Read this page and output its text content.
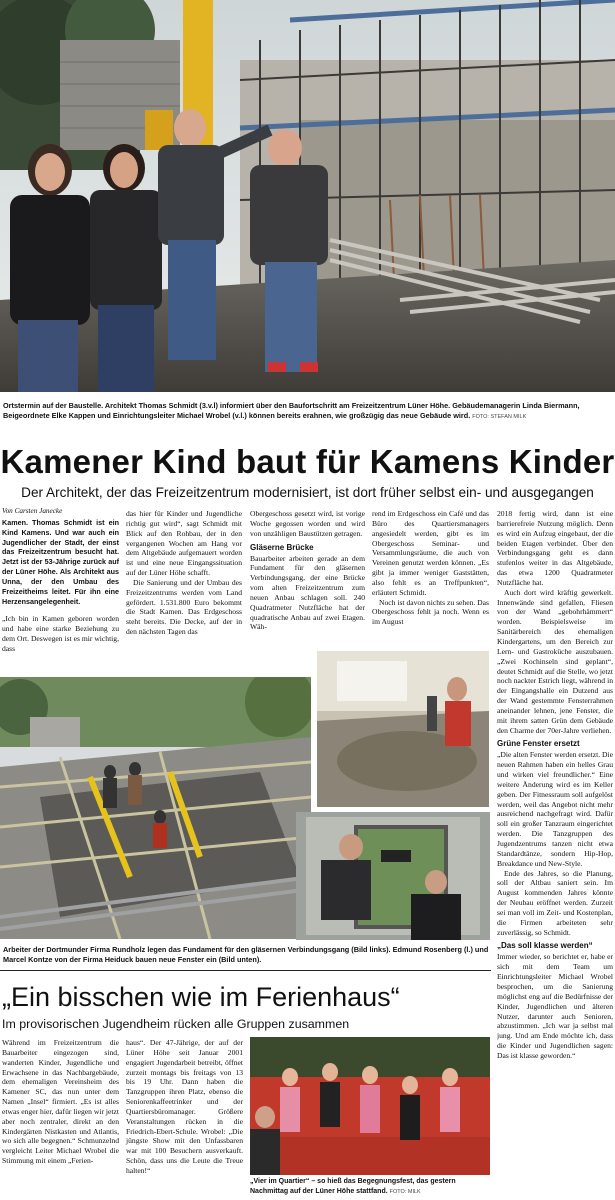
Ortstermin auf der Baustelle. Architekt Thomas Schmidt (3.v.l) informiert über den Baufortschritt am Freizeitzentrum Lüner Höhe. Gebäudemanagerin Linda Biermann, Beigeordnete Elke Kappen und Einrichtungsleiter Michael Wrobel (v.l.) können bereits erahnen, wie großzügig das neue Gebäude wird. FOTO: STEFAN MILK
Kamener Kind baut für Kamens Kinder
Der Architekt, der das Freizeitzentrum modernisiert, ist dort früher selbst ein- und ausgegangen

Von Carsten Janecke

Kamen. Thomas Schmidt ist ein Kind Kamens. Und war auch ein Jugendlicher der Stadt, der einst das Freizeitzentrum besucht hat. Jetzt ist der 53-Jährige zurück auf der Lüner Höhe. Als Architekt aus Unna, der den Umbau des Freizeitheims leitet. Für ihn eine Herzensangelegenheit.

„Ich bin in Kamen geboren worden und habe eine starke Beziehung zu dem Ort. Deswegen ist es mir wichtig, dass

das hier für Kinder und Jugendliche richtig gut wird“, sagt Schmidt mit Blick auf den Rohbau, der in den vergangenen Wochen am Hang vor dem Altgebäude aufgemauert worden ist und eine neue Eingangssituation auf der Lüner Höhe schafft.

Die Sanierung und der Umbau des Freizeitzentrums werden vom Land gefördert. 1.531.800 Euro bekommt die Stadt Kamen. Das Erdgeschoss steht bereits. Die Decke, auf der in den nächsten Tagen das

Obergeschoss gesetzt wird, ist vorige Woche gegossen worden und wird von unzähligen Baustützen getragen.

Gläserne Brücke

Bauarbeiter arbeiten gerade an dem Fundament für den gläsernen Verbindungsgang, der eine Brücke vom alten Freizeitzentrum zum neuen Anbau schlagen soll. 240 Quadratmeter Nutzfläche hat der quadratische Anbau auf zwei Etagen. Wäh-

rend im Erdgeschoss ein Café und das Büro des Quartiersmanagers angesiedelt werden, gibt es im Obergeschoss Seminar- und Versammlungsräume, die auch von Vereinen genutzt werden können. „Es gibt ja immer weniger Gaststätten, also fehlt es an Treffpunkten“, erläutert Schmidt.

Noch ist davon nichts zu sehen. Das Obergeschoss fehlt ja noch. Wenn es im August

2018 fertig wird, dann ist eine barrierefreie Nutzung möglich. Denn es wird ein Aufzug eingebaut, der die beiden Etagen verbindet. Über den Verbindungsgang geht es dann stufenlos weiter in das Altgebäude, das etwa 1200 Quadratmeter Nutzfläche hat.

Auch dort wird kräftig gewerkelt. Innenwände sind gefallen, Fliesen von der Wand „gebohrhämmert“ worden. Beispielsweise im Sanitärbereich des ehemaligen Kindergartens, um den Bereich zur Lern- und Gastroküche auszubauen. „Zwei Kochinseln sind geplant“, deutet Schmidt auf die Stelle, wo jetzt noch nackter Estrich liegt, während in der Eingangshalle ein Dutzend aus der Wand gestemmte Fensterrahmen aneinander lehnen, jene Fenster, die mit ihrem satten Grün dem Gebäude den Charme der 70er-Jahre verliehen.

Grüne Fenster ersetzt

„Die alten Fenster werden ersetzt. Die neuen Rahmen haben ein helles Grau und wirken viel freundlicher.“ Eine weitere Änderung wird es im Keller geben. Der Fitnessraum soll aufgelöst werden, weil das Angebot nicht mehr ausreichend nachgefragt wird. Dafür soll ein großer Tanzraum eingerichtet werden. Die Tanzgruppen des Jugendzentrums tanzen nicht etwa Standardtänze, sondern Hip-Hop, Breakdance und New-Style.

Ende des Jahres, so die Planung, soll der Altbau saniert sein. Im August kommenden Jahres könnte der Neubau eröffnet werden. Zurzeit sei man voll im Zeit- und Kostenplan, die Firmen arbeiteten sehr zuverlässig, so Schmidt.

„Das soll klasse werden“

Immer wieder, so berichtet er, habe er sich mit dem Team um Einrichtungsleiter Michael Wrobel besprochen, um die Sanierung möglichst eng auf die Bedürfnisse der Kinder, Jugendlichen und älteren Nutzer, darunter auch Senioren, abzustimmen. „Ich war ja selbst mal jung. Und am Ende möchte ich, dass die Kinder und Jugendlichen sagen: Das ist klasse geworden.“

Arbeiter der Dortmunder Firma Rundholz legen das Fundament für den gläsernen Verbindungsgang (Bild links). Edmund Rosenberg (l.) und Marcel Kontze von der Firma Heiduck bauen neue Fenster ein (Bild unten).
„Ein bisschen wie im Ferienhaus“
Im provisorischen Jugendheim rücken alle Gruppen zusammen

Während im Freizeitzentrum die Bauarbeiter eingezogen sind, wanderten Kinder, Jugendliche und Erwachsene in das Nachbargebäude, dem ehemaligen Vereinsheim des Kamener SC, das nun unter dem Namen „Insel“ firmiert. „Es ist alles etwas enger hier, dafür liegen wir jetzt aber noch zentraler, direkt an den Kindergärten Nistkasten und Atlantis, wo sich alle begegnen.“ Schmunzelnd vergleicht Leiter Michael Wrobel die Stimmung mit einem „Ferien-

haus“. Der 47-Jährige, der auf der Lüner Höhe seit Januar 2001 engagiert Jugendarbeit betreibt, öffnet zurzeit montags bis freitags von 13 bis 19 Uhr. Dann haben die Tanzgruppen ihren Platz, ebenso die Seniorenkaffeetrinker und der Quartiersbüromanager. Größere Veranstaltungen rücken in die Friedrich-Ebert-Schule. Wrobel: „Die jüngste Show mit den Unfassbaren war mit 100 Besuchern ausverkauft. Schön, dass uns die Leute die Treue halten!“

„Vier im Quartier“ – so hieß das Begegnungsfest, das gestern Nachmittag auf der Lüner Höhe stattfand. FOTO: MILK
